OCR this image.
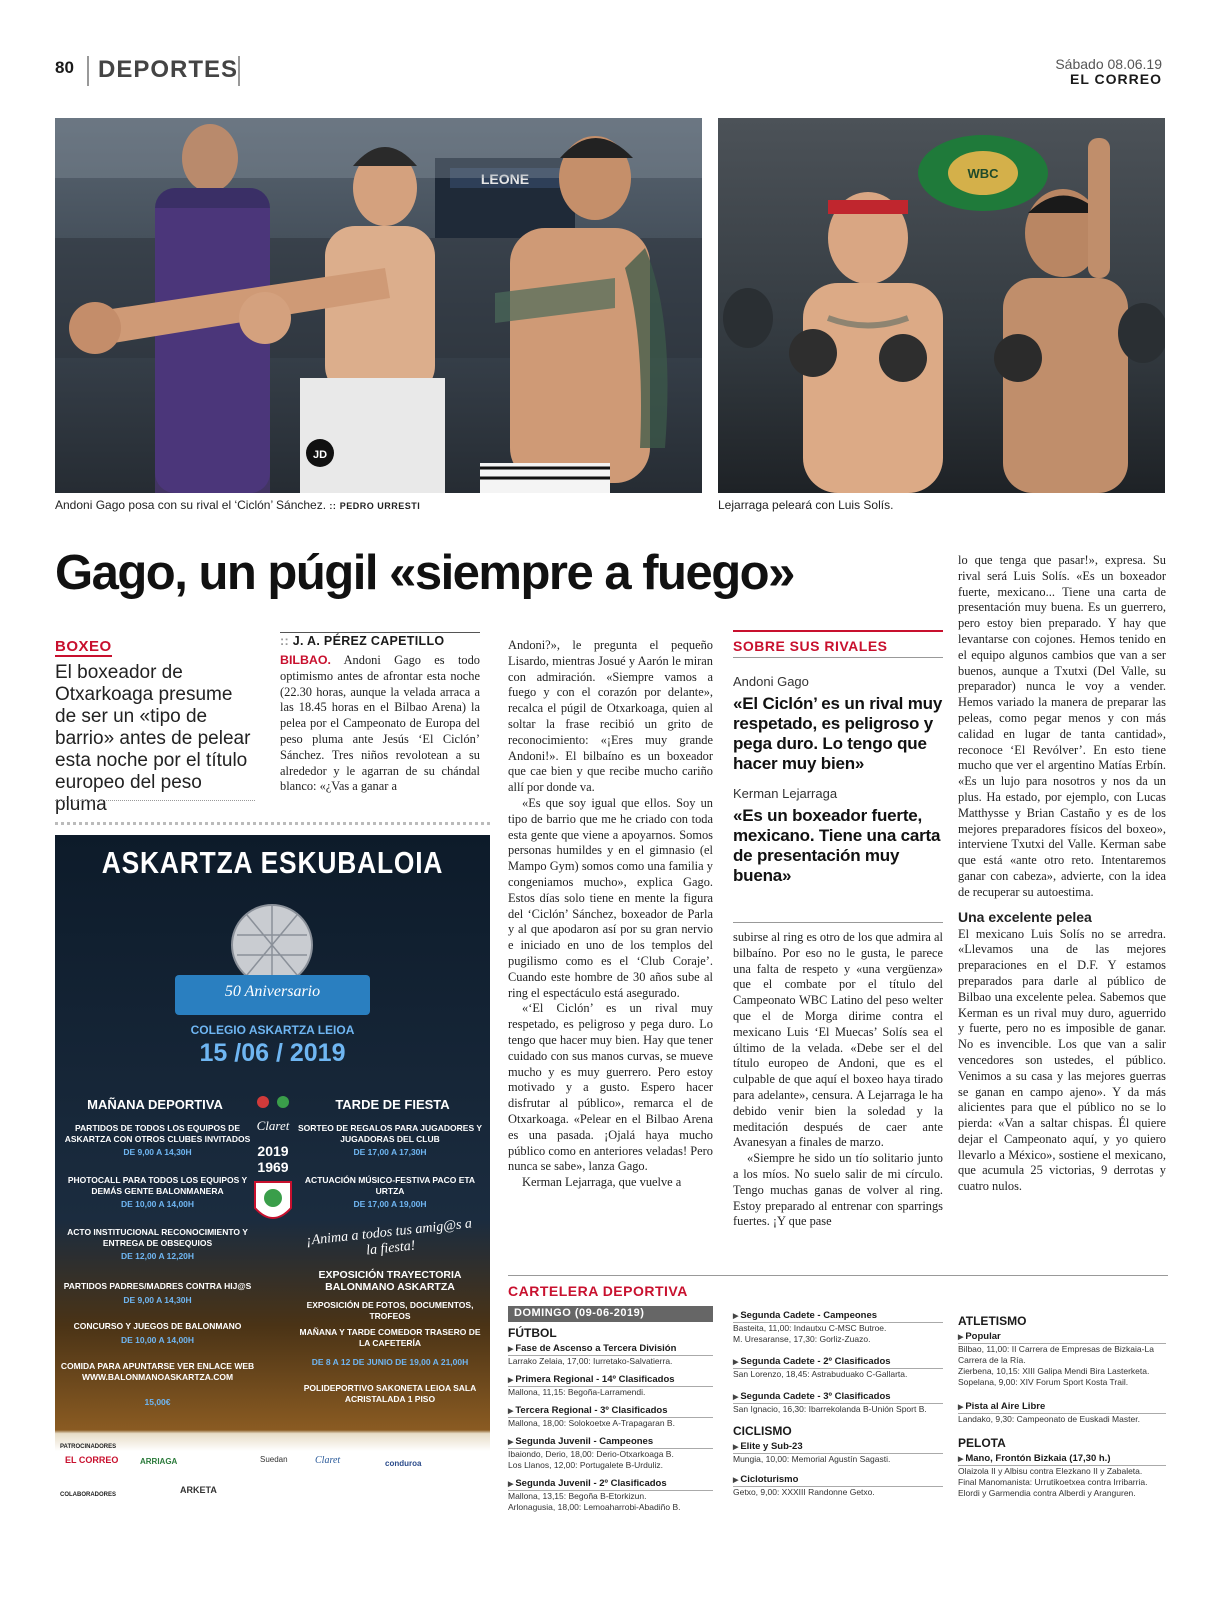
80 DEPORTES	Sábado 08.06.19
EL CORREO
LEONE
JD
Andoni Gago posa con su rival el ‘Ciclón’ Sánchez. :: PEDRO URRESTI
WBC
Lejarraga peleará con Luis Solís.
Gago, un púgil «siempre a fuego»
BOXEO
El boxeador de Otxarkoaga presume de ser un «tipo de barrio» antes de pelear esta noche por el título europeo del peso pluma
:: J. A. PÉREZ CAPETILLO

BILBAO. Andoni Gago es todo optimismo antes de afrontar esta noche (22.30 horas, aunque la velada arraca a las 18.45 horas en el Bilbao Arena) la pelea por el Campeonato de Europa del peso pluma ante Jesús ‘El Ciclón’ Sánchez. Tres niños revolotean a su alrededor y le agarran de su chándal blanco: «¿Vas a ganar a

Andoni?», le pregunta el pequeño Lisardo, mientras Josué y Aarón le miran con admiración. «Siempre vamos a fuego y con el corazón por delante», recalca el púgil de Otxarkoaga, quien al soltar la frase recibió un grito de reconocimiento: «¡Eres muy grande Andoni!». El bilbaíno es un boxeador que cae bien y que recibe mucho cariño allí por donde va.

«Es que soy igual que ellos. Soy un tipo de barrio que me he criado con toda esta gente que viene a apoyarnos. Somos personas humildes y en el gimnasio (el Mampo Gym) somos como una familia y congeniamos mucho», explica Gago. Estos días solo tiene en mente la figura del ‘Ciclón’ Sánchez, boxeador de Parla y al que apodaron así por su gran nervio e iniciado en uno de los templos del pugilismo como es el ‘Club Coraje’. Cuando este hombre de 30 años sube al ring el espectáculo está asegurado.

«‘El Ciclón’ es un rival muy respetado, es peligroso y pega duro. Lo tengo que hacer muy bien. Hay que tener cuidado con sus manos curvas, se mueve mucho y es muy guerrero. Pero estoy motivado y a gusto. Espero hacer disfrutar al público», remarca el de Otxarkoaga. «Pelear en el Bilbao Arena es una pasada. ¡Ojalá haya mucho público como en anteriores veladas! Pero nunca se sabe», lanza Gago.

Kerman Lejarraga, que vuelve a

SOBRE SUS RIVALES
Andoni Gago
«El Ciclón’ es un rival muy respetado, es peligroso y pega duro. Lo tengo que hacer muy bien»
Kerman Lejarraga
«Es un boxeador fuerte, mexicano. Tiene una carta de presentación muy buena»

subirse al ring es otro de los que admira al bilbaíno. Por eso no le gusta, le parece una falta de respeto y «una vergüenza» que el combate por el título del Campeonato WBC Latino del peso welter que el de Morga dirime contra el mexicano Luis ‘El Muecas’ Solís sea el último de la velada. «Debe ser el del título europeo de Andoni, que es el culpable de que aquí el boxeo haya tirado para adelante», censura. A Lejarraga le ha debido venir bien la soledad y la meditación después de caer ante Avanesyan a finales de marzo.

«Siempre he sido un tío solitario junto a los míos. No suelo salir de mi círculo. Tengo muchas ganas de volver al ring. Estoy preparado al entrenar con sparrings fuertes. ¡Y que pase

lo que tenga que pasar!», expresa. Su rival será Luis Solís. «Es un boxeador fuerte, mexicano... Tiene una carta de presentación muy buena. Es un guerrero, pero estoy bien preparado. Y hay que levantarse con cojones. Hemos tenido en el equipo algunos cambios que van a ser buenos, aunque a Txutxi (Del Valle, su preparador) nunca le voy a vender. Hemos variado la manera de preparar las peleas, como pegar menos y con más calidad en lugar de tanta cantidad», reconoce ‘El Revólver’. En esto tiene mucho que ver el argentino Matías Erbín. «Es un lujo para nosotros y nos da un plus. Ha estado, por ejemplo, con Lucas Matthysse y Brian Castaño y es de los mejores preparadores físicos del boxeo», interviene Txutxi del Valle. Kerman sabe que está «ante otro reto. Intentaremos ganar con cabeza», advierte, con la idea de recuperar su autoestima.

Una excelente pelea

El mexicano Luis Solís no se arredra. «Llevamos una de las mejores preparaciones en el D.F. Y estamos preparados para darle al público de Bilbao una excelente pelea. Sabemos que Kerman es un rival muy duro, aguerrido y fuerte, pero no es imposible de ganar. No es invencible. Los que van a salir vencedores son ustedes, el público. Venimos a su casa y las mejores guerras se ganan en campo ajeno». Y da más alicientes para que el público no se lo pierda: «Van a saltar chispas. Él quiere dejar el Campeonato aquí, y yo quiero llevarlo a México», sostiene el mexicano, que acumula 25 victorias, 9 derrotas y cuatro nulos.

ASKARTZA ESKUBALOIA
50 Aniversario
COLEGIO ASKARTZA LEIOA
15 /06 / 2019
MAÑANA DEPORTIVA
PARTIDOS DE TODOS LOS EQUIPOS DE ASKARTZA CON OTROS CLUBES INVITADOS
DE 9,00 A 14,30H
PHOTOCALL PARA TODOS LOS EQUIPOS Y DEMÁS GENTE BALONMANERA
DE 10,00 A 14,00H
ACTO INSTITUCIONAL RECONOCIMIENTO Y ENTREGA DE OBSEQUIOS
DE 12,00 A 12,20H
PARTIDOS PADRES/MADRES CONTRA HIJ@S
DE 9,00 A 14,30H
CONCURSO Y JUEGOS DE BALONMANO
DE 10,00 A 14,00H
COMIDA PARA APUNTARSE VER ENLACE WEB WWW.BALONMANOASKARTZA.COM
15,00€
Claret
2019
1969
TARDE DE FIESTA
SORTEO DE REGALOS PARA JUGADORES Y JUGADORAS DEL CLUB
DE 17,00 A 17,30H
ACTUACIÓN MÚSICO-FESTIVA PACO ETA URTZA
DE 17,00 A 19,00H
¡Anima a todos tus amig@s a la fiesta!
EXPOSICIÓN TRAYECTORIA BALONMANO ASKARTZA
EXPOSICIÓN DE FOTOS, DOCUMENTOS, TROFEOS
MAÑANA Y TARDE COMEDOR TRASERO DE LA CAFETERÍA
DE 8 A 12 DE JUNIO DE 19,00 A 21,00H
POLIDEPORTIVO SAKONETA LEIOA SALA ACRISTALADA 1 PISO
PATROCINADORES
COLABORADORES
EL CORREO	ARRIAGA	Suedan	Claret	conduroa
ARKETA
CARTELERA DEPORTIVA
DOMINGO (09-06-2019)
FÚTBOL
▶ Fase de Ascenso a Tercera División
Larrako Zelaia, 17,00: Iurretako-Salvatierra.
▶ Primera Regional - 14º Clasificados
Mallona, 11,15: Begoña-Larramendi.
▶ Tercera Regional - 3º Clasificados
Mallona, 18,00: Solokoetxe A-Trapagaran B.
▶ Segunda Juvenil - Campeones
Ibaiondo, Derio, 18,00: Derio-Otxarkoaga B.
Los Llanos, 12,00: Portugalete B-Urduliz.
▶ Segunda Juvenil - 2º Clasificados
Mallona, 13,15: Begoña B-Etorkizun.
Arlonagusia, 18,00: Lemoaharrobi-Abadiño B.
▶ Segunda Cadete - Campeones
Basteita, 11,00: Indautxu C-MSC Butroe.
M. Uresaranse, 17,30: Gorliz-Zuazo.
▶ Segunda Cadete - 2º Clasificados
San Lorenzo, 18,45: Astrabuduako C-Gallarta.
▶ Segunda Cadete - 3º Clasificados
San Ignacio, 16,30: Ibarrekolanda B-Unión Sport B.
CICLISMO
▶ Elite y Sub-23
Mungia, 10,00: Memorial Agustín Sagasti.
▶ Cicloturismo
Getxo, 9,00: XXXIII Randonne Getxo.
ATLETISMO
▶ Popular
Bilbao, 11,00: II Carrera de Empresas de Bizkaia-La Carrera de la Ría.
Zierbena, 10,15: XIII Galipa Mendi Bira Lasterketa.
Sopelana, 9,00: XIV Forum Sport Kosta Trail.
▶ Pista al Aire Libre
Landako, 9,30: Campeonato de Euskadi Master.
PELOTA
▶ Mano, Frontón Bizkaia (17,30 h.)
Olaizola II y Albisu contra Elezkano II y Zabaleta.
Final Manomanista: Urrutikoetxea contra Irribarria.
Elordi y Garmendia contra Alberdi y Aranguren.
